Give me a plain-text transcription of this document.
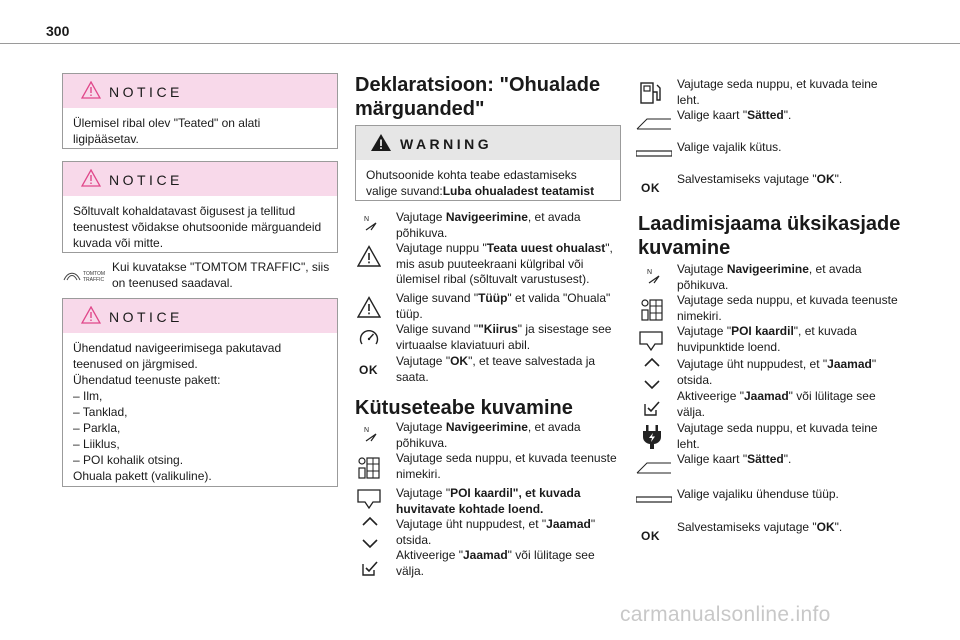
300
NOTICE
Ülemisel ribal olev "Teated" on alati ligipääsetav.
NOTICE
Sõltuvalt kohaldatavast õigusest ja tellitud teenustest võidakse ohutsoonide märguandeid kuvada või mitte.
TOMTOM
TRAFFIC
Kui kuvatakse "TOMTOM TRAFFIC", siis on teenused saadaval.
NOTICE
Ühendatud navigeerimisega pakutavad teenused on järgmised.
Ühendatud teenuste pakett:
– Ilm,
– Tanklad,
– Parkla,
– Liiklus,
– POI kohalik otsing.
Ohuala pakett (valikuline).
Deklaratsioon: "Ohualade märguanded"
WARNING
Ohutsoonide kohta teabe edastamiseks valige suvand:Luba ohualadest teatamist
N Vajutage Navigeerimine, et avada põhikuva.
Vajutage nuppu "Teata uuest ohualast", mis asub puuteekraani külgribal või ülemisel ribal (sõltuvalt varustusest).
Valige suvand "Tüüp" et valida "Ohuala" tüüp.
Valige suvand ""Kiirus" ja sisestage see virtuaalse klaviatuuri abil.
OK
Vajutage "OK", et teave salvestada ja saata.
Kütuseteabe kuvamine
N Vajutage Navigeerimine, et avada põhikuva.
Vajutage seda nuppu, et kuvada teenuste nimekiri.
Vajutage "POI kaardil", et kuvada huvitavate kohtade loend.
Vajutage üht nuppudest, et "Jaamad" otsida.
Aktiveerige "Jaamad" või lülitage see välja.
Vajutage seda nuppu, et kuvada teine leht.
Valige kaart "Sätted".
Valige vajalik kütus.
OK
Salvestamiseks vajutage "OK".
Laadimisjaama üksikasjade kuvamine
N Vajutage Navigeerimine, et avada põhikuva.
Vajutage seda nuppu, et kuvada teenuste nimekiri.
Vajutage "POI kaardil", et kuvada huvipunktide loend.
Vajutage üht nuppudest, et "Jaamad" otsida.
Aktiveerige "Jaamad" või lülitage see välja.
Vajutage seda nuppu, et kuvada teine leht.
Valige kaart "Sätted".
Valige vajaliku ühenduse tüüp.
OK
Salvestamiseks vajutage "OK".
carmanualsonline.info
